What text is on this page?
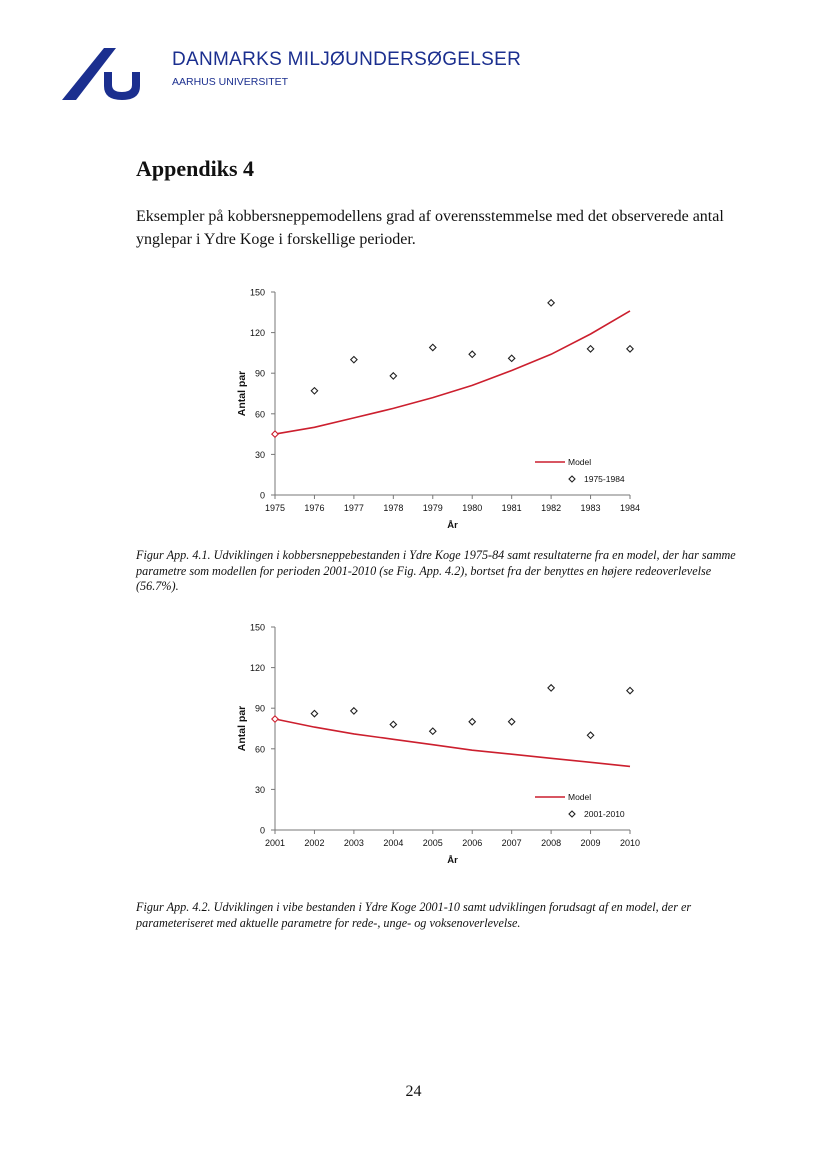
DANMARKS MILJØUNDERSØGELSER
AARHUS UNIVERSITET
Appendiks 4

Eksempler på kobbersneppemodellens grad af overensstemmelse med det observerede antal ynglepar i Ydre Koge i forskellige perioder.

0
30
60
90
120
150
1975 1976 1977 1978 1979 1980 1981 1982 1983 1984
År
Antal par
Model
1975-1984

Figur App. 4.1. Udviklingen i kobbersneppebestanden i Ydre Koge 1975-84 samt resultaterne fra en model, der har samme parametre som modellen for perioden 2001-2010 (se Fig. App. 4.2), bortset fra der benyttes en højere redeoverlevelse (56.7%).

0
30
60
90
120
150
2001 2002 2003 2004 2005 2006 2007 2008 2009 2010
År
Antal par
Model
2001-2010

Figur App. 4.2. Udviklingen i vibe bestanden i Ydre Koge 2001-10 samt udviklingen forudsagt af en model, der er parameteriseret med aktuelle parametre for rede-, unge- og voksenoverlevelse.

24
